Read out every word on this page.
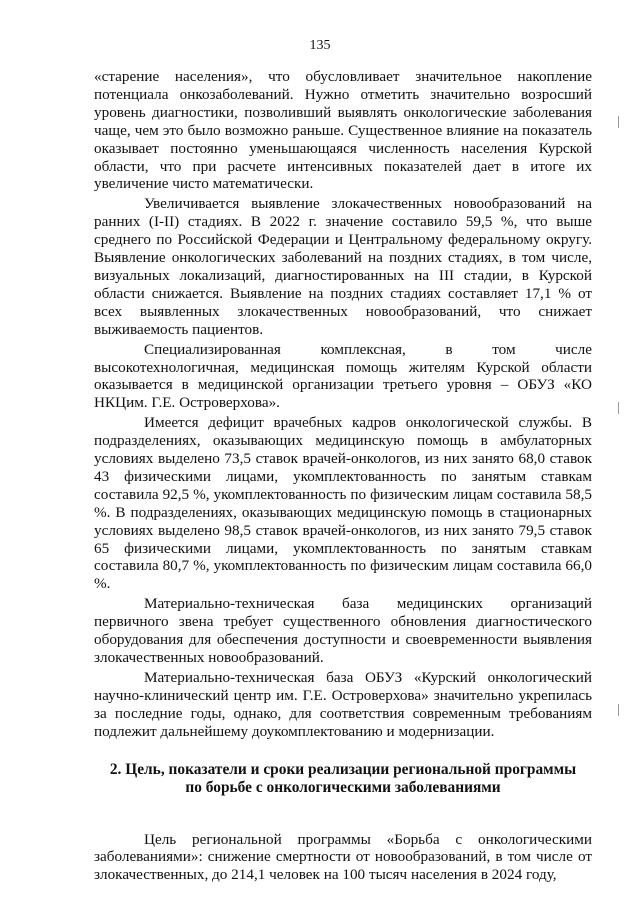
135

«старение населения», что обусловливает значительное накопление потенциала онкозаболеваний. Нужно отметить значительно возросший уровень диагностики, позволивший выявлять онкологические заболевания чаще, чем это было возможно раньше. Существенное влияние на показатель оказывает постоянно уменьшающаяся численность населения Курской области, что при расчете интенсивных показателей дает в итоге их увеличение чисто математически.

Увеличивается выявление злокачественных новообразований на ранних (I-II) стадиях. В 2022 г. значение составило 59,5 %, что выше среднего по Российской Федерации и Центральному федеральному округу. Выявление онкологических заболеваний на поздних стадиях, в том числе, визуальных локализаций, диагностированных на III стадии, в Курской области снижается. Выявление на поздних стадиях составляет 17,1 % от всех выявленных злокачественных новообразований, что снижает выживаемость пациентов.

Специализированная комплексная, в том числе высокотехнологичная, медицинская помощь жителям Курской области оказывается в медицинской организации третьего уровня – ОБУЗ «КО НКЦим. Г.Е. Островерхова».

Имеется дефицит врачебных кадров онкологической службы. В подразделениях, оказывающих медицинскую помощь в амбулаторных условиях выделено 73,5 ставок врачей-онкологов, из них занято 68,0 ставок 43 физическими лицами, укомплектованность по занятым ставкам составила 92,5 %, укомплектованность по физическим лицам составила 58,5 %. В подразделениях, оказывающих медицинскую помощь в стационарных условиях выделено 98,5 ставок врачей-онкологов, из них занято 79,5 ставок 65 физическими лицами, укомплектованность по занятым ставкам составила 80,7 %, укомплектованность по физическим лицам составила 66,0 %.

Материально-техническая база медицинских организаций первичного звена требует существенного обновления диагностического оборудования для обеспечения доступности и своевременности выявления злокачественных новообразований.

Материально-техническая база ОБУЗ «Курский онкологический научно-клинический центр им. Г.Е. Островерхова» значительно укрепилась за последние годы, однако, для соответствия современным требованиям подлежит дальнейшему доукомплектованию и модернизации.

2. Цель, показатели и сроки реализации региональной программы
по борьбе с онкологическими заболеваниями

Цель региональной программы «Борьба с онкологическими заболеваниями»: снижение смертности от новообразований, в том числе от злокачественных, до 214,1 человек на 100 тысяч населения в 2024 году,
